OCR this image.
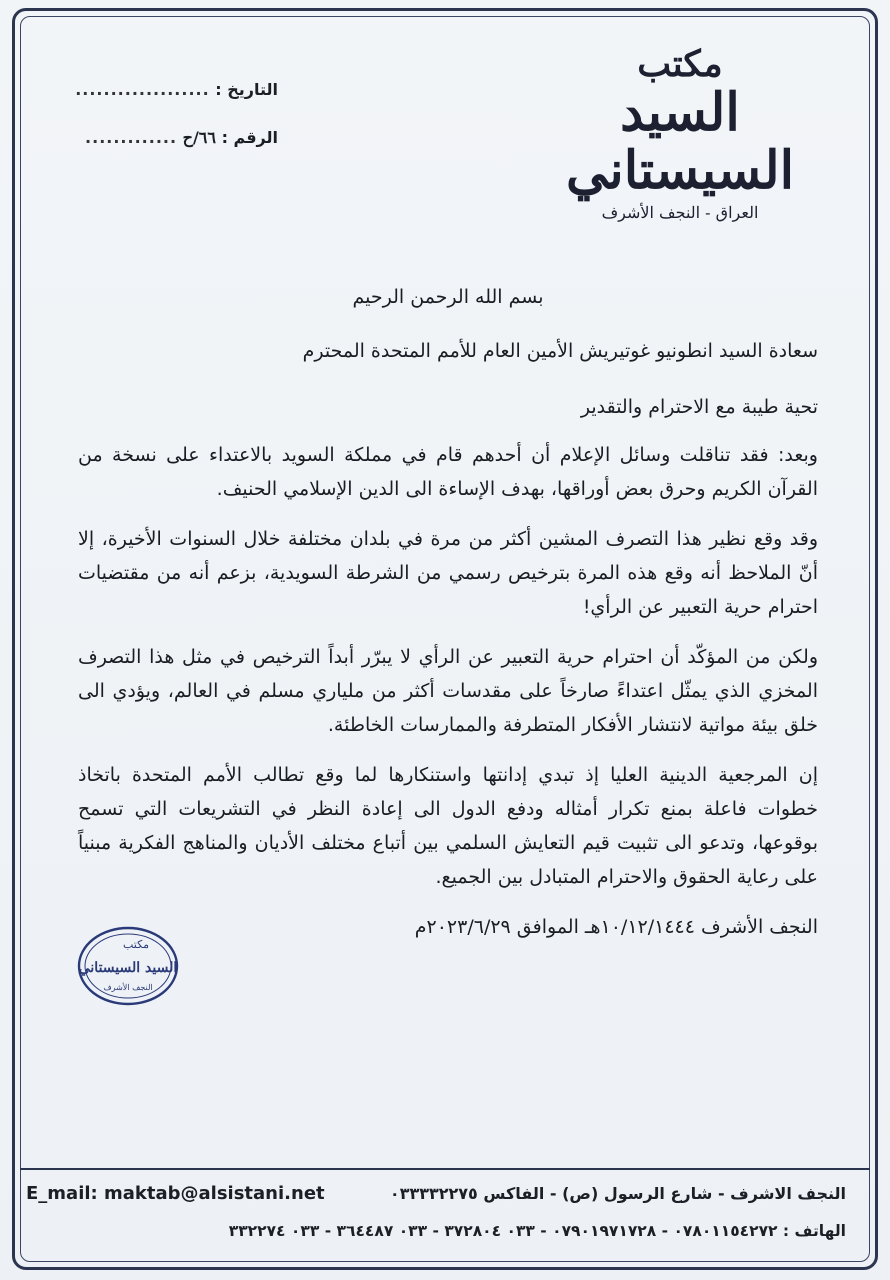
مكتب
السيد السيستاني
العراق - النجف الأشرف
التاريخ : ...................
الرقم : ٦٦/ح .............

بسم الله الرحمن الرحيم

سعادة السيد انطونيو غوتيريش الأمين العام للأمم المتحدة المحترم

تحية طيبة مع الاحترام والتقدير

وبعد: فقد تناقلت وسائل الإعلام أن أحدهم قام في مملكة السويد بالاعتداء على نسخة من القرآن الكريم وحرق بعض أوراقها، بهدف الإساءة الى الدين الإسلامي الحنيف.

وقد وقع نظير هذا التصرف المشين أكثر من مرة في بلدان مختلفة خلال السنوات الأخيرة، إلا أنّ الملاحظ أنه وقع هذه المرة بترخيص رسمي من الشرطة السويدية، بزعم أنه من مقتضيات احترام حرية التعبير عن الرأي!

ولكن من المؤكّد أن احترام حرية التعبير عن الرأي لا يبرّر أبداً الترخيص في مثل هذا التصرف المخزي الذي يمثّل اعتداءً صارخاً على مقدسات أكثر من ملياري مسلم في العالم، ويؤدي الى خلق بيئة مواتية لانتشار الأفكار المتطرفة والممارسات الخاطئة.

إن المرجعية الدينية العليا إذ تبدي إدانتها واستنكارها لما وقع تطالب الأمم المتحدة باتخاذ خطوات فاعلة بمنع تكرار أمثاله ودفع الدول الى إعادة النظر في التشريعات التي تسمح بوقوعها، وتدعو الى تثبيت قيم التعايش السلمي بين أتباع مختلف الأديان والمناهج الفكرية مبنياً على رعاية الحقوق والاحترام المتبادل بين الجميع.

النجف الأشرف ١٠/١٢/١٤٤٤هـ الموافق ٢٠٢٣/٦/٢٩م

مكتب
السيد السيستاني
النجف الأشرف
E_mail: maktab@alsistani.net	النجف الاشرف - شارع الرسول (ص) - الفاكس ٠٣٣٣٣٢٢٧٥
الهاتف : ٠٧٨٠١١٥٤٢٧٢ - ٠٧٩٠١٩٧١٧٢٨ - ٠٣٣ ٣٧٢٨٠٤ - ٠٣٣ ٣٦٤٤٨٧ - ٠٣٣ ٣٣٢٢٧٤
